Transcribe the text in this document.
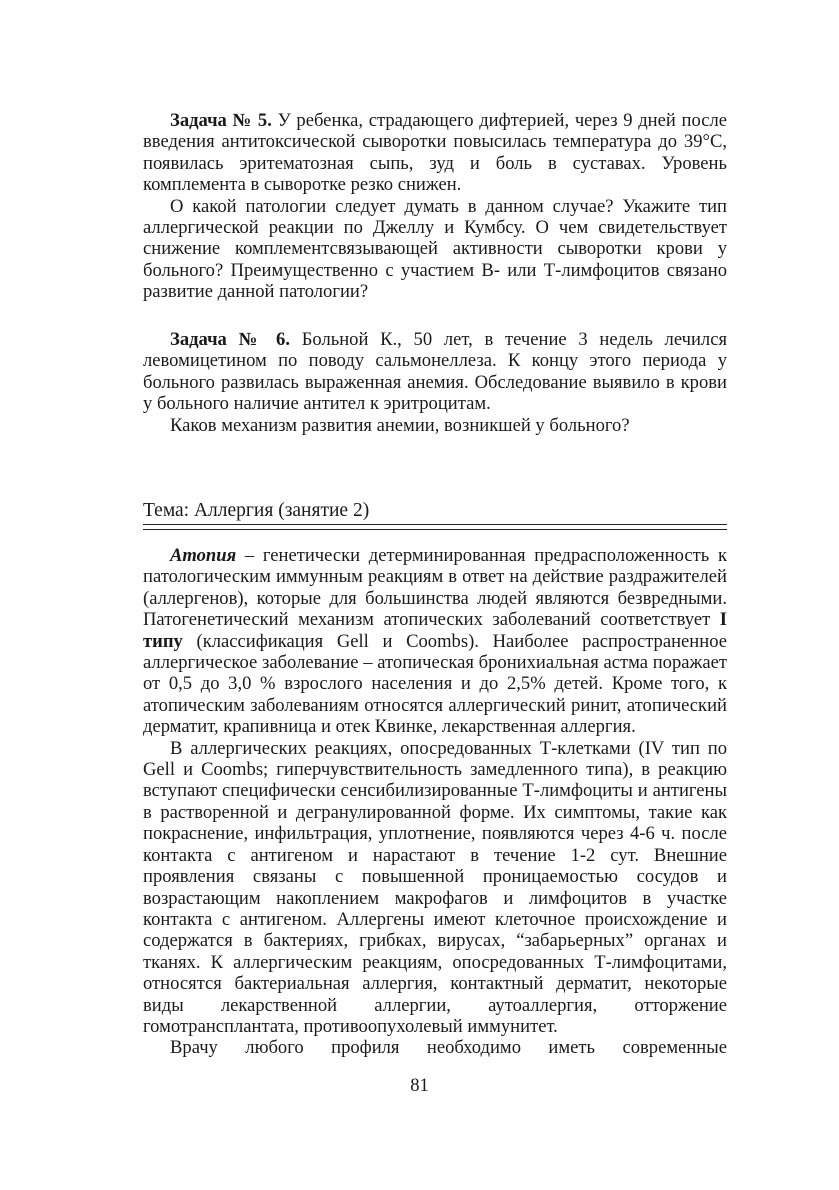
Задача № 5. У ребенка, страдающего дифтерией, через 9 дней после введения антитоксической сыворотки повысилась температура до 39°С, появилась эритематозная сыпь, зуд и боль в суставах. Уровень комплемента в сыворотке резко снижен.

О какой патологии следует думать в данном случае? Укажите тип аллергической реакции по Джеллу и Кумбсу. О чем свидетельствует снижение комплементсвязывающей активности сыворотки крови у больного? Преимущественно с участием В- или Т-лимфоцитов связано развитие данной патологии?

Задача № 6. Больной К., 50 лет, в течение 3 недель лечился левомицетином по поводу сальмонеллеза. К концу этого периода у больного развилась выраженная анемия. Обследование выявило в крови у больного наличие антител к эритроцитам.

Каков механизм развития анемии, возникшей у больного?

Тема: Аллергия (занятие 2)

Атопия – генетически детерминированная предрасположенность к патологическим иммунным реакциям в ответ на действие раздражителей (аллергенов), которые для большинства людей являются безвредными. Патогенетический механизм атопических заболеваний соответствует I типу (классификация Gell и Coombs). Наиболее распространенное аллергическое заболевание – атопическая бронихиальная астма поражает от 0,5 до 3,0 % взрослого населения и до 2,5% детей. Кроме того, к атопическим заболеваниям относятся аллергический ринит, атопический дерматит, крапивница и отек Квинке, лекарственная аллергия.

В аллергических реакциях, опосредованных Т-клетками (IV тип по Gell и Coombs; гиперчувствительность замедленного типа), в реакцию вступают специфически сенсибилизированные Т-лимфоциты и антигены в растворенной и дегранулированной форме. Их симптомы, такие как покраснение, инфильтрация, уплотнение, появляются через 4-6 ч. после контакта с антигеном и нарастают в течение 1-2 сут. Внешние проявления связаны с повышенной проницаемостью сосудов и возрастающим накоплением макрофагов и лимфоцитов в участке контакта с антигеном. Аллергены имеют клеточное происхождение и содержатся в бактериях, грибках, вирусах, “забарьерных” органах и тканях. К аллергическим реакциям, опосредованных Т-лимфоцитами, относятся бактериальная аллергия, контактный дерматит, некоторые виды лекарственной аллергии, аутоаллергия, отторжение гомотрансплантата, противоопухолевый иммунитет.

Врачу любого профиля необходимо иметь современные

81
